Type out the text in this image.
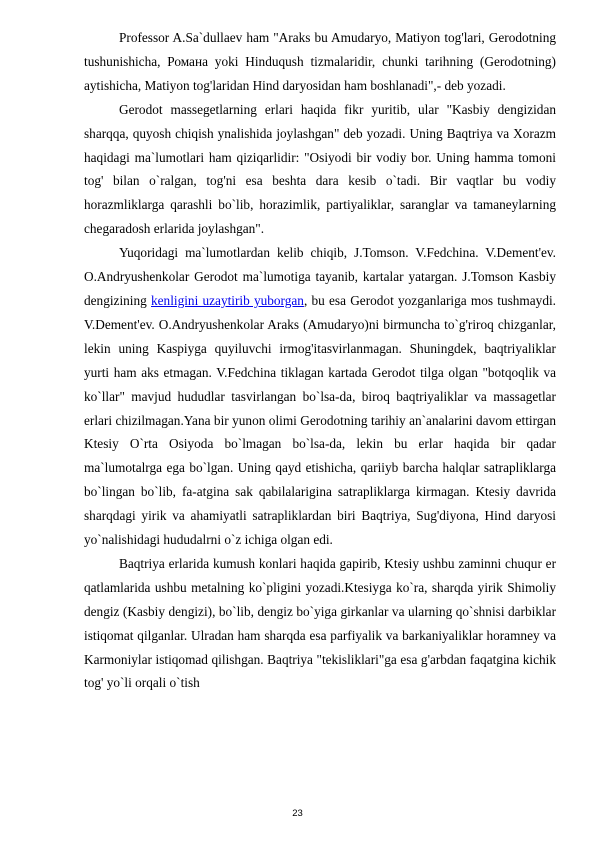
Professor A.Sa`dullaev ham "Araks bu Amudaryo, Matiyon tog'lari, Gerodotning tushunishicha, Романа yoki Hinduqush tizmalaridir, chunki tarihning (Gerodotning) aytishicha, Matiyon tog'laridan Hind daryosidan ham boshlanadi",- deb yozadi.

Gerodot massegetlarning erlari haqida fikr yuritib, ular "Kasbiy dengizidan sharqqa, quyosh chiqish ynalishida joylashgan" deb yozadi. Uning Baqtriya va Xorazm haqidagi ma`lumotlari ham qiziqarlidir: "Osiyodi bir vodiy bor. Uning hamma tomoni tog' bilan o`ralgan, tog'ni esa beshta dara kesib o`tadi. Bir vaqtlar bu vodiy horazmliklarga qarashli bo`lib, horazimlik, partiyaliklar, saranglar va tamaneylarning chegaradosh erlarida joylashgan".

Yuqoridagi ma`lumotlardan kelib chiqib, J.Tomson. V.Fedchina. V.Dement'ev. O.Andryushenkolar Gerodot ma`lumotiga tayanib, kartalar yatargan. J.Tomson Kasbiy dengizining kenligini uzaytirib yuborgan, bu esa Gerodot yozganlariga mos tushmaydi. V.Dement'ev. O.Andryushenkolar Araks (Amudaryo)ni birmuncha to`g'riroq chizganlar, lekin uning Kaspiyga quyiluvchi irmog'itasvirlanmagan. Shuningdek, baqtriyaliklar yurti ham aks etmagan. V.Fedchina tiklagan kartada Gerodot tilga olgan "botqoqlik va ko`llar" mavjud hududlar tasvirlangan bo`lsa-da, biroq baqtriyaliklar va massagetlar erlari chizilmagan.Yana bir yunon olimi Gerodotning tarihiy an`analarini davom ettirgan Ktesiy O`rta Osiyoda bo`lmagan bo`lsa-da, lekin bu erlar haqida bir qadar ma`lumotalrga ega bo`lgan. Uning qayd etishicha, qariiyb barcha halqlar satrapliklarga bo`lingan bo`lib, fa-atgina sak qabilalarigina satrapliklarga kirmagan. Ktesiy davrida sharqdagi yirik va ahamiyatli satrapliklardan biri Baqtriya, Sug'diyona, Hind daryosi yo`nalishidagi hududalrni o`z ichiga olgan edi.

Baqtriya erlarida kumush konlari haqida gapirib, Ktesiy ushbu zaminni chuqur er qatlamlarida ushbu metalning ko`pligini yozadi.Ktesiyga ko`ra, sharqda yirik Shimoliy dengiz (Kasbiy dengizi), bo`lib, dengiz bo`yiga girkanlar va ularning qo`shnisi darbiklar istiqomat qilganlar. Ulradan ham sharqda esa parfiyalik va barkaniyaliklar horamney va Karmoniylar istiqomad qilishgan. Baqtriya "tekisliklari"ga esa g'arbdan faqatgina kichik tog' yo`li orqali o`tish

23
